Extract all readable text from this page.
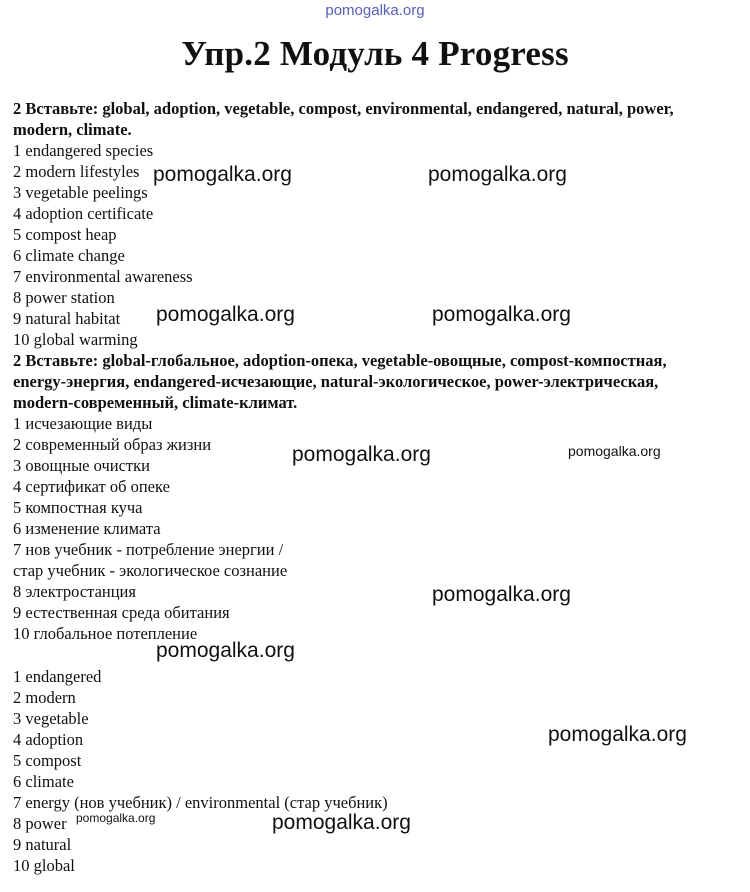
pomogalka.org
Упр.2 Модуль 4 Progress
2 Вставьте: global, adoption, vegetable, compost, environmental, endangered, natural, power, modern, climate.
1 endangered species
2 modern lifestyles
3 vegetable peelings
4 adoption certificate
5 compost heap
6 climate change
7 environmental awareness
8 power station
9 natural habitat
10 global warming
2 Вставьте: global-глобальное, adoption-опека, vegetable-овощные, compost-компостная, energy-энергия, endangered-исчезающие, natural-экологическое, power-электрическая, modern-современный, climate-климат.
1 исчезающие виды
2 современный образ жизни
3 овощные очистки
4 сертификат об опеке
5 компостная куча
6 изменение климата
7 нов учебник - потребление энергии /
стар учебник - экологическое сознание
8 электростанция
9 естественная среда обитания
10 глобальное потепление
1 endangered
2 modern
3 vegetable
4 adoption
5 compost
6 climate
7 energy (нов учебник) / environmental (стар учебник)
8 power
9 natural
10 global
pomogalka.org	pomogalka.org
pomogalka.org	pomogalka.org
pomogalka.org	pomogalka.org
pomogalka.org
pomogalka.org
pomogalka.org
pomogalka.org	pomogalka.org
